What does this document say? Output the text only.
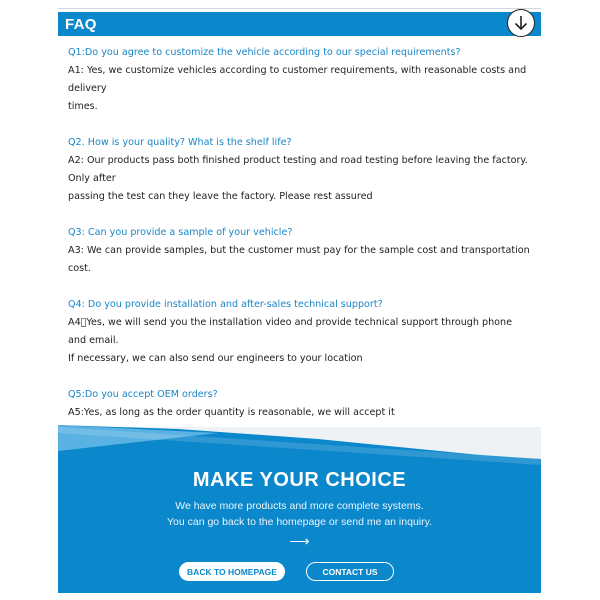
FAQ

Q1:Do you agree to customize the vehicle according to our special requirements?

A1: Yes, we customize vehicles according to customer requirements, with reasonable costs and delivery

times.

Q2. How is your quality? What is the shelf life?

A2: Our products pass both finished product testing and road testing before leaving the factory. Only after

passing the test can they leave the factory. Please rest assured

Q3: Can you provide a sample of your vehicle?

A3: We can provide samples, but the customer must pay for the sample cost and transportation cost.

Q4: Do you provide installation and after-sales technical support?

A4 Yes, we will send you the installation video and provide technical support through phone and email.

If necessary, we can also send our engineers to your location

Q5:Do you accept OEM orders?

A5:Yes, as long as the order quantity is reasonable, we will accept it

MAKE YOUR CHOICE
We have more products and more complete systems.
You can go back to the homepage or send me an inquiry.
⟶
BACK TO HOMEPAGE	CONTACT US
